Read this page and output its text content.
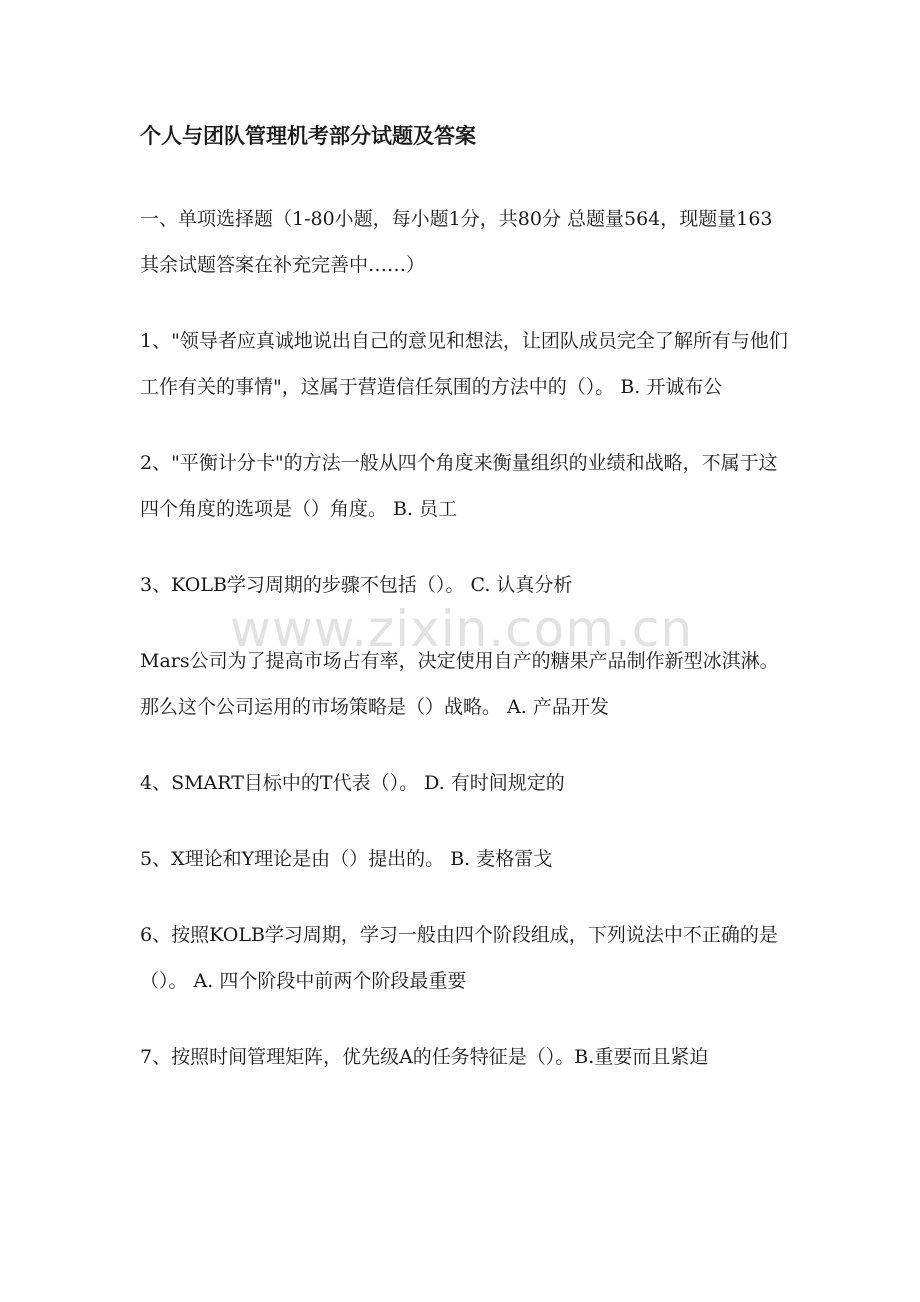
个人与团队管理机考部分试题及答案
一、单项选择题（1-80小题，每小题1分，共80分 总题量564，现题量163 其余试题答案在补充完善中……）
1、"领导者应真诚地说出自己的意见和想法，让团队成员完全了解所有与他们工作有关的事情"，这属于营造信任氛围的方法中的（）。 B. 开诚布公
2、"平衡计分卡"的方法一般从四个角度来衡量组织的业绩和战略，不属于这四个角度的选项是（）角度。 B. 员工
3、KOLB学习周期的步骤不包括（）。 C. 认真分析
Mars公司为了提高市场占有率，决定使用自产的糖果产品制作新型冰淇淋。那么这个公司运用的市场策略是（）战略。 A. 产品开发
4、SMART目标中的T代表（）。 D. 有时间规定的
5、X理论和Y理论是由（）提出的。 B. 麦格雷戈
6、按照KOLB学习周期，学习一般由四个阶段组成，下列说法中不正确的是（）。 A. 四个阶段中前两个阶段最重要
7、按照时间管理矩阵，优先级A的任务特征是（）。B.重要而且紧迫
www.zixin.com.cn
